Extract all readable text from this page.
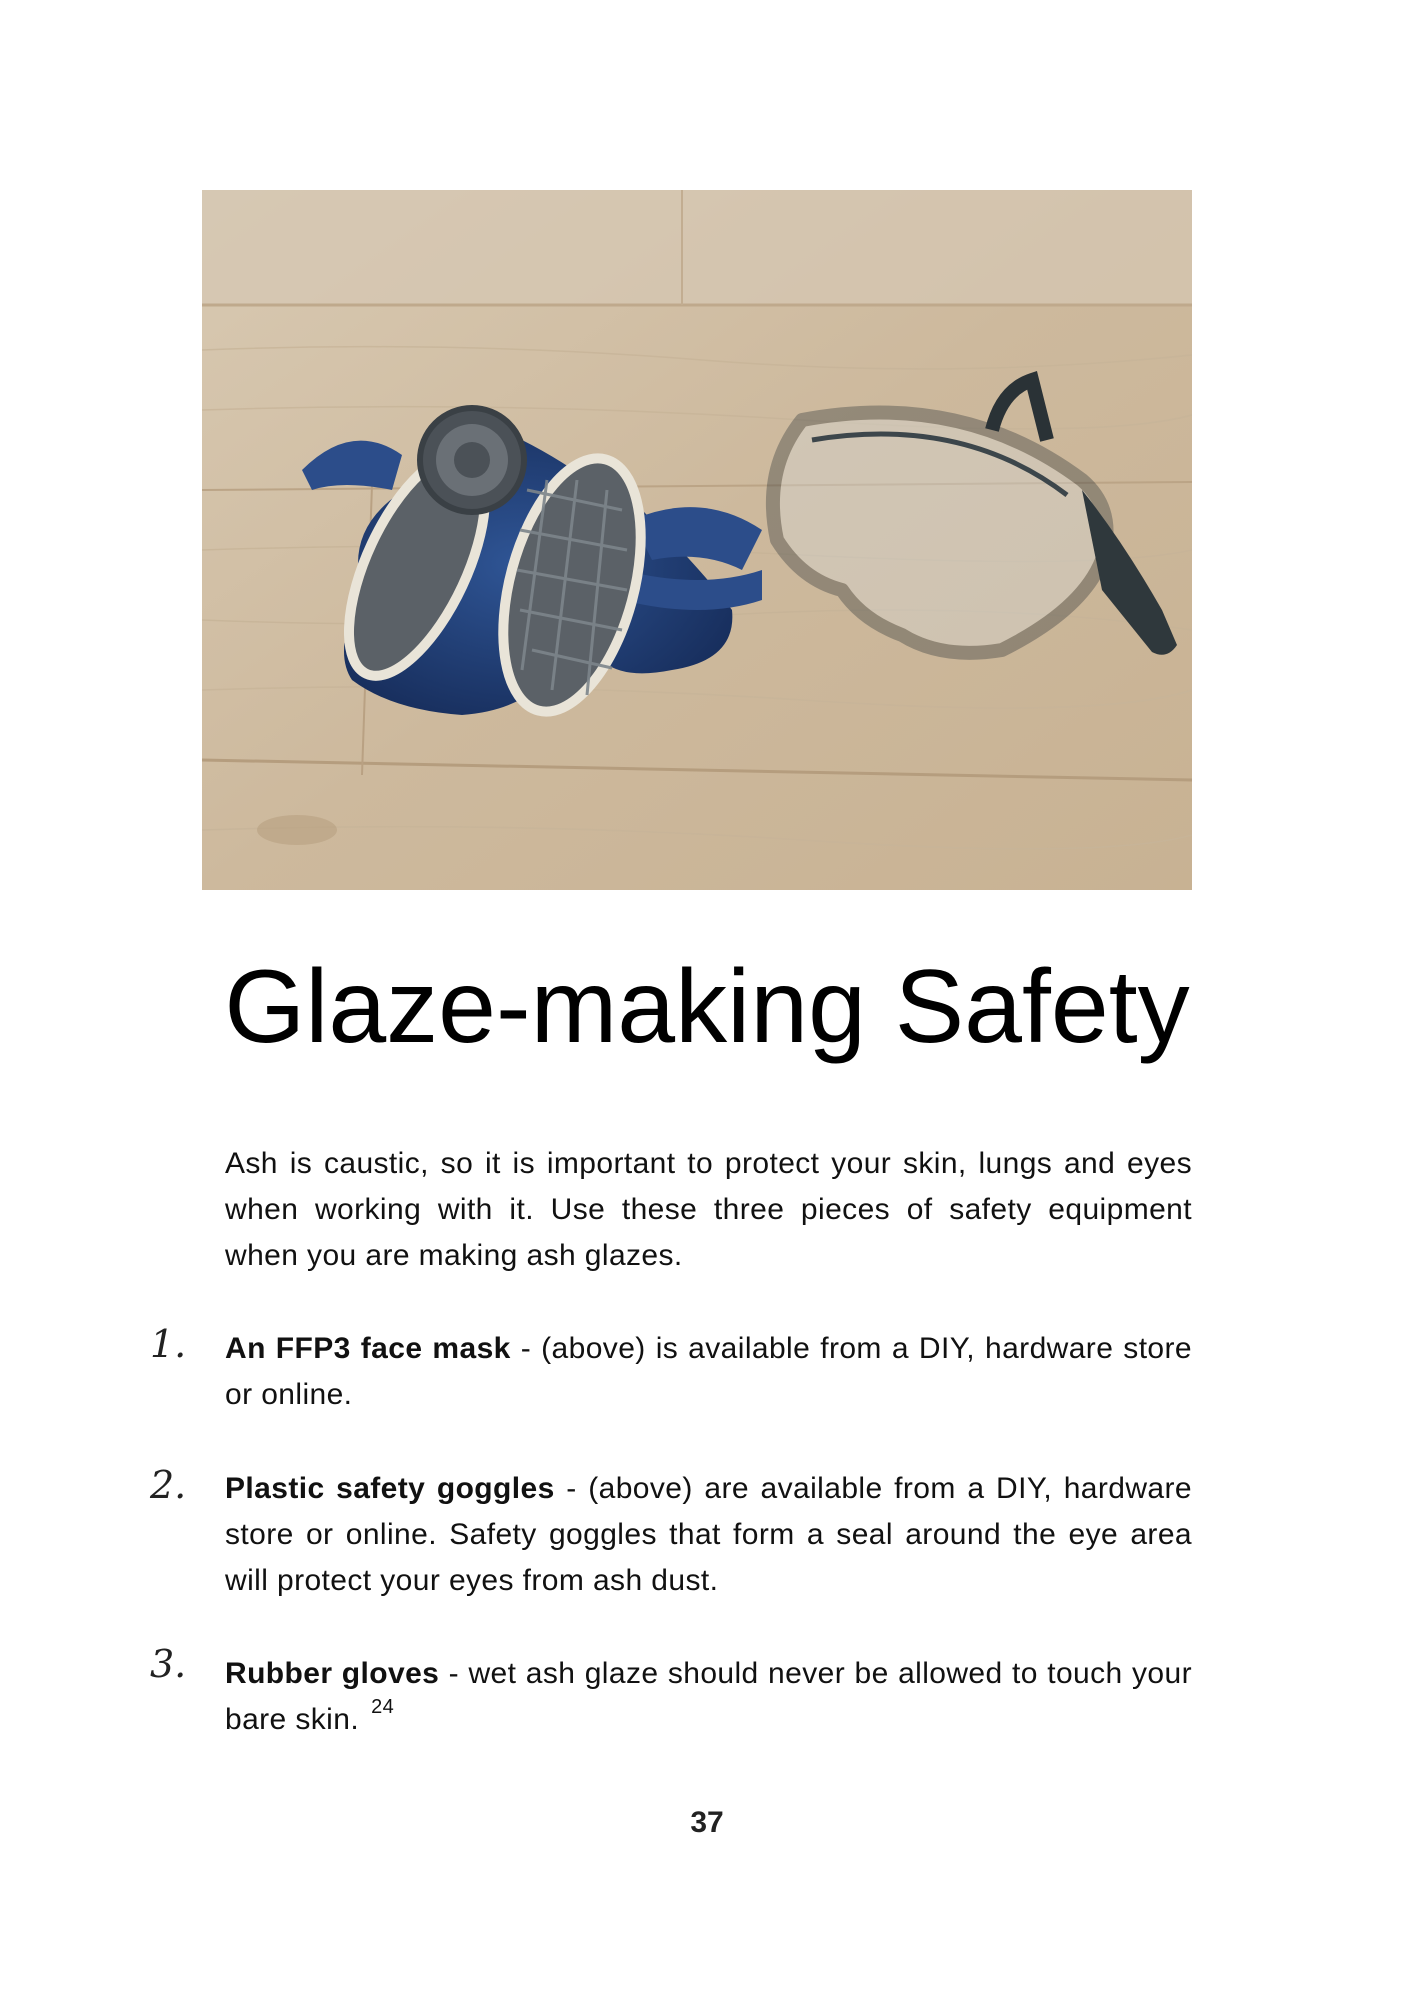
Glaze-making Safety

Ash is caustic, so it is important to protect your skin, lungs and eyes when working with it. Use these three pieces of safety equipment when you are making ash glazes.

1.	An FFP3 face mask - (above) is available from a DIY, hardware store or online.

2.	Plastic safety goggles - (above) are available from a DIY, hardware store or online. Safety goggles that form a seal around the eye area will protect your eyes from ash dust.

3.	Rubber gloves - wet ash glaze should never be allowed to touch your bare skin. $^{24}$

37
